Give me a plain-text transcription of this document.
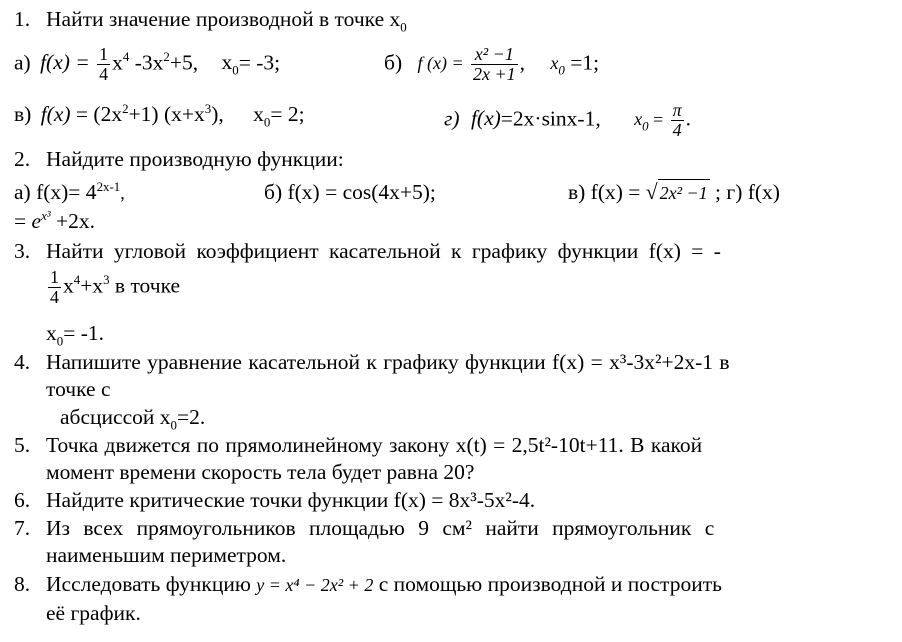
1. Найти значение производной в точке $x_0$
а) $f(x) = \frac{1}{4} x^4$ $-3x^2+5$, $x_0= -3$;	б) f $(x) = \frac{\text{x² −1}}{2x +1}$ , $x_0 =1$;
в) $f(x) = (2x^2+1)$ $(x+x^3)$, $x_0= 2$;	г) f(x)=2x·sinx-1, $x_0 = \frac{\pi}{4}$ .
2. Найдите производную функции:
а) $f(x)= 4^{2x-1}$,	б) f(x) = cos(4x+5);	в) f(x) = √ 2x² −1 ; г) f(x)
= $e^{x^3} +2x$.
3. Найти угловой коэффициент касательной к графику функции f(x) = -
$\frac{1}{4} x^4+x^3$ в точке
$x_0= -1$.
4. Напишите уравнение касательной к графику функции f(x) = x³-3x²+2x-1 в
точке с
абсциссой $x_0=2$.
5. Точка движется по прямолинейному закону x(t) = 2,5t²-10t+11. В какой
момент времени скорость тела будет равна 20?
6. Найдите критические точки функции f(x) = 8x³-5x²-4.
7. Из всех прямоугольников площадью 9 см² найти прямоугольник с
наименьшим периметром.
8. Исследовать функцию y = x⁴ − 2x² + 2 с помощью производной и построить
её график.
